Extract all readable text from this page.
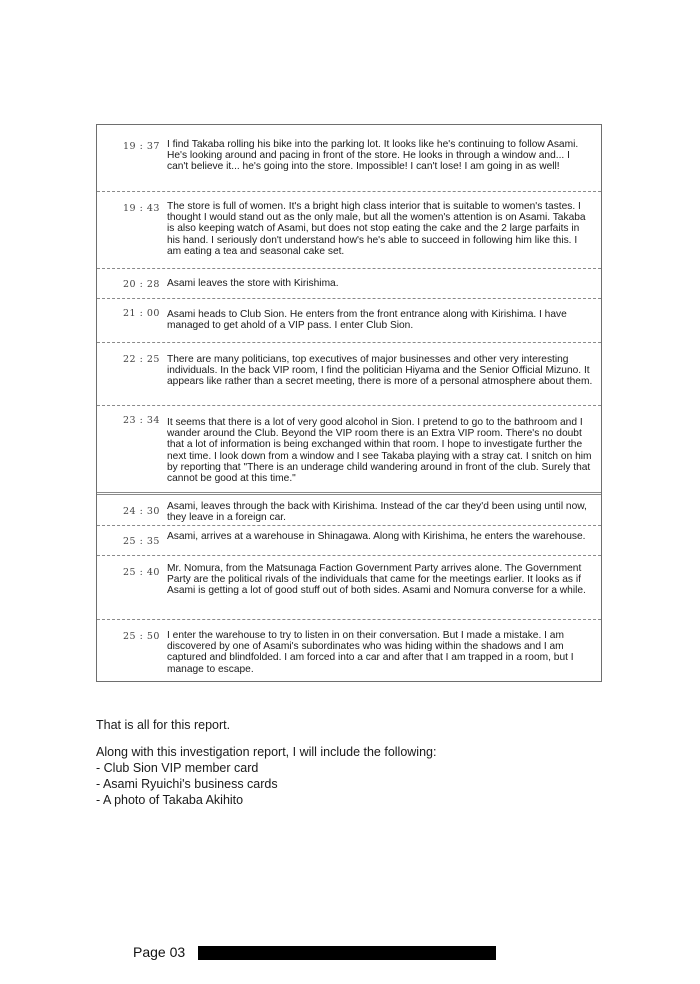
19 : 37 I find Takaba rolling his bike into the parking lot. It looks like he's continuing to follow Asami. He's looking around and pacing in front of the store. He looks in through a window and... I can't believe it... he's going into the store. Impossible! I can't lose! I am going in as well!
19 : 43 The store is full of women. It's a bright high class interior that is suitable to women's tastes. I thought I would stand out as the only male, but all the women's attention is on Asami. Takaba is also keeping watch of Asami, but does not stop eating the cake and the 2 large parfaits in his hand. I seriously don't understand how's he's able to succeed in following him like this. I am eating a tea and seasonal cake set.
20 : 28 Asami leaves the store with Kirishima.
21 : 00 Asami heads to Club Sion. He enters from the front entrance along with Kirishima. I have managed to get ahold of a VIP pass. I enter Club Sion.
22 : 25 There are many politicians, top executives of major businesses and other very interesting individuals. In the back VIP room, I find the politician Hiyama and the Senior Official Mizuno. It appears like rather than a secret meeting, there is more of a personal atmosphere about them.
23 : 34 It seems that there is a lot of very good alcohol in Sion. I pretend to go to the bathroom and I wander around the Club. Beyond the VIP room there is an Extra VIP room. There's no doubt that a lot of information is being exchanged within that room. I hope to investigate further the next time. I look down from a window and I see Takaba playing with a stray cat. I snitch on him by reporting that "There is an underage child wandering around in front of the club. Surely that cannot be good at this time."
24 : 30 Asami, leaves through the back with Kirishima. Instead of the car they'd been using until now, they leave in a foreign car.
25 : 35 Asami, arrives at a warehouse in Shinagawa. Along with Kirishima, he enters the warehouse.
25 : 40 Mr. Nomura, from the Matsunaga Faction Government Party arrives alone. The Government Party are the political rivals of the individuals that came for the meetings earlier. It looks as if Asami is getting a lot of good stuff out of both sides. Asami and Nomura converse for a while.
25 : 50 I enter the warehouse to try to listen in on their conversation. But I made a mistake. I am discovered by one of Asami's subordinates who was hiding within the shadows and I am captured and blindfolded. I am forced into a car and after that I am trapped in a room, but I manage to escape.
That is all for this report.
Along with this investigation report, I will include the following:
- Club Sion VIP member card
- Asami Ryuichi's business cards
- A photo of Takaba Akihito
Page 03
